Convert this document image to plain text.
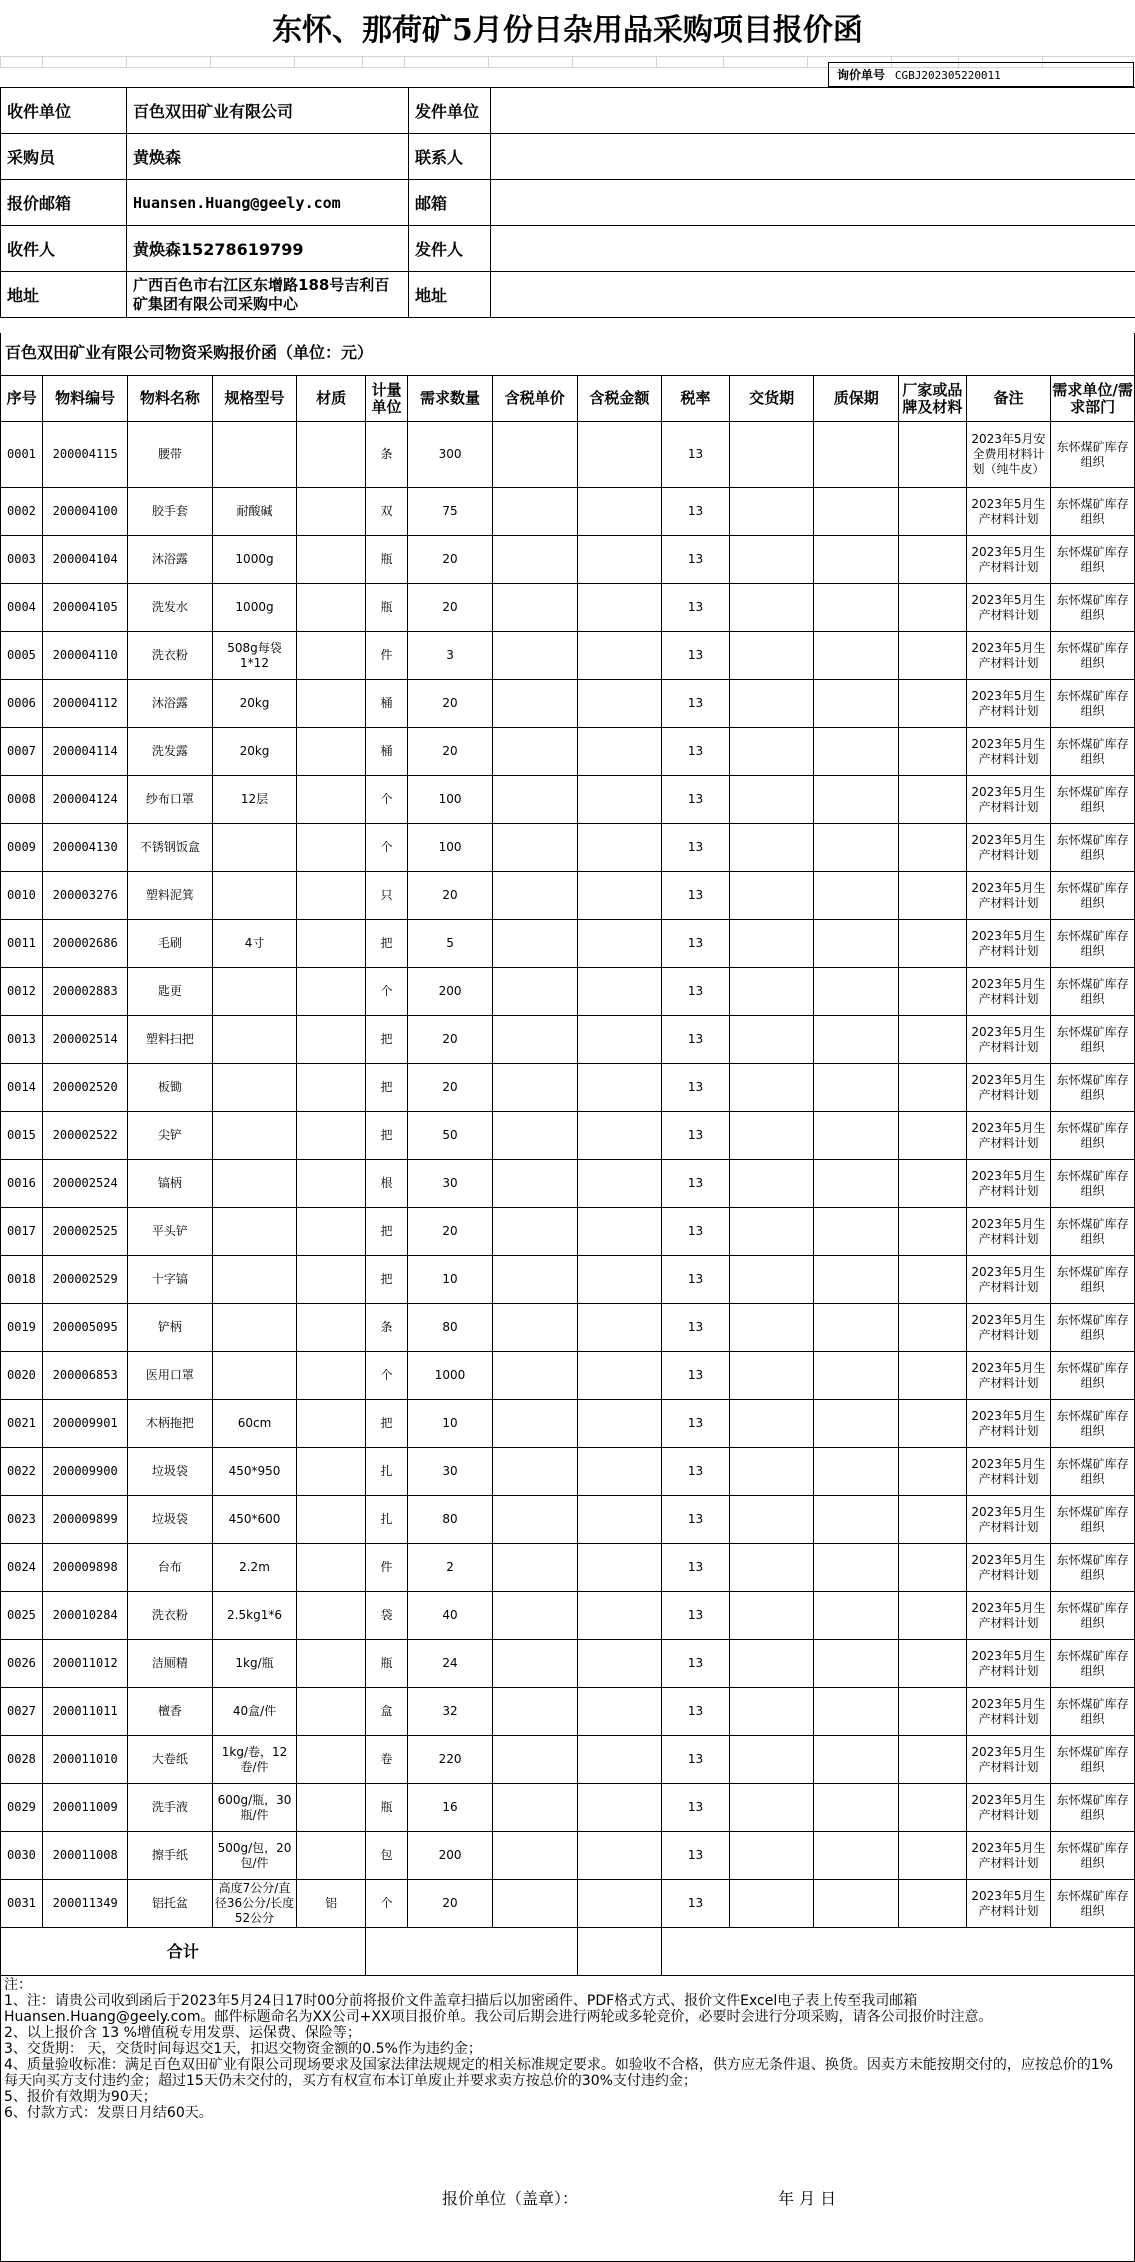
东怀、那荷矿5月份日杂用品采购项目报价函

询价单号 CGBJ202305220011
收件单位	百色双田矿业有限公司	发件单位	
采购员	黄焕森	联系人	
报价邮箱	Huansen.Huang@geely.com	邮箱	
收件人	黄焕森15278619799	发件人	
地址	广西百色市右江区东增路188号吉利百矿集团有限公司采购中心	地址	
百色双田矿业有限公司物资采购报价函（单位：元）
序号	物料编号	物料名称	规格型号	材质	计量单位	需求数量	含税单价	含税金额	税率	交货期	质保期	厂家或品牌及材料	备注	需求单位/需求部门
0001	200004115	腰带			条	300			13				2023年5月安全费用材料计划（纯牛皮）	东怀煤矿库存组织
0002	200004100	胶手套	耐酸碱		双	75			13				2023年5月生产材料计划	东怀煤矿库存组织
0003	200004104	沐浴露	1000g		瓶	20			13				2023年5月生产材料计划	东怀煤矿库存组织
0004	200004105	洗发水	1000g		瓶	20			13				2023年5月生产材料计划	东怀煤矿库存组织
0005	200004110	洗衣粉	508g每袋1*12		件	3			13				2023年5月生产材料计划	东怀煤矿库存组织
0006	200004112	沐浴露	20kg		桶	20			13				2023年5月生产材料计划	东怀煤矿库存组织
0007	200004114	洗发露	20kg		桶	20			13				2023年5月生产材料计划	东怀煤矿库存组织
0008	200004124	纱布口罩	12层		个	100			13				2023年5月生产材料计划	东怀煤矿库存组织
0009	200004130	不锈钢饭盒			个	100			13				2023年5月生产材料计划	东怀煤矿库存组织
0010	200003276	塑料泥箕			只	20			13				2023年5月生产材料计划	东怀煤矿库存组织
0011	200002686	毛刷	4寸		把	5			13				2023年5月生产材料计划	东怀煤矿库存组织
0012	200002883	匙更			个	200			13				2023年5月生产材料计划	东怀煤矿库存组织
0013	200002514	塑料扫把			把	20			13				2023年5月生产材料计划	东怀煤矿库存组织
0014	200002520	板锄			把	20			13				2023年5月生产材料计划	东怀煤矿库存组织
0015	200002522	尖铲			把	50			13				2023年5月生产材料计划	东怀煤矿库存组织
0016	200002524	镐柄			根	30			13				2023年5月生产材料计划	东怀煤矿库存组织
0017	200002525	平头铲			把	20			13				2023年5月生产材料计划	东怀煤矿库存组织
0018	200002529	十字镐			把	10			13				2023年5月生产材料计划	东怀煤矿库存组织
0019	200005095	铲柄			条	80			13				2023年5月生产材料计划	东怀煤矿库存组织
0020	200006853	医用口罩			个	1000			13				2023年5月生产材料计划	东怀煤矿库存组织
0021	200009901	木柄拖把	60cm		把	10			13				2023年5月生产材料计划	东怀煤矿库存组织
0022	200009900	垃圾袋	450*950		扎	30			13				2023年5月生产材料计划	东怀煤矿库存组织
0023	200009899	垃圾袋	450*600		扎	80			13				2023年5月生产材料计划	东怀煤矿库存组织
0024	200009898	台布	2.2m		件	2			13				2023年5月生产材料计划	东怀煤矿库存组织
0025	200010284	洗衣粉	2.5kg1*6		袋	40			13				2023年5月生产材料计划	东怀煤矿库存组织
0026	200011012	洁厕精	1kg/瓶		瓶	24			13				2023年5月生产材料计划	东怀煤矿库存组织
0027	200011011	檀香	40盒/件		盒	32			13				2023年5月生产材料计划	东怀煤矿库存组织
0028	200011010	大卷纸	1kg/卷，12卷/件		卷	220			13				2023年5月生产材料计划	东怀煤矿库存组织
0029	200011009	洗手液	600g/瓶，30瓶/件		瓶	16			13				2023年5月生产材料计划	东怀煤矿库存组织
0030	200011008	擦手纸	500g/包，20包/件		包	200			13				2023年5月生产材料计划	东怀煤矿库存组织
0031	200011349	铝托盆	高度7公分/直径36公分/长度52公分	铝	个	20			13				2023年5月生产材料计划	东怀煤矿库存组织
合计														
注：
1、注：请贵公司收到函后于2023年5月24日17时00分前将报价文件盖章扫描后以加密函件、PDF格式方式、报价文件Excel电子表上传至我司邮箱
Huansen.Huang@geely.com。邮件标题命名为XX公司+XX项目报价单。我公司后期会进行两轮或多轮竞价，必要时会进行分项采购，请各公司报价时注意。
2、以上报价含 13 %增值税专用发票、运保费、保险等；
3、交货期： 天，交货时间每迟交1天，扣迟交物资金额的0.5%作为违约金；
4、质量验收标准：满足百色双田矿业有限公司现场要求及国家法律法规规定的相关标准规定要求。如验收不合格，供方应无条件退、换货。因卖方未能按期交付的，应按总价的1% 每天向买方支付违约金；超过15天仍未交付的，买方有权宣布本订单废止并要求卖方按总价的30%支付违约金；
5、报价有效期为90天；
6、付款方式：发票日月结60天。
报价单位（盖章）：	年 月 日
